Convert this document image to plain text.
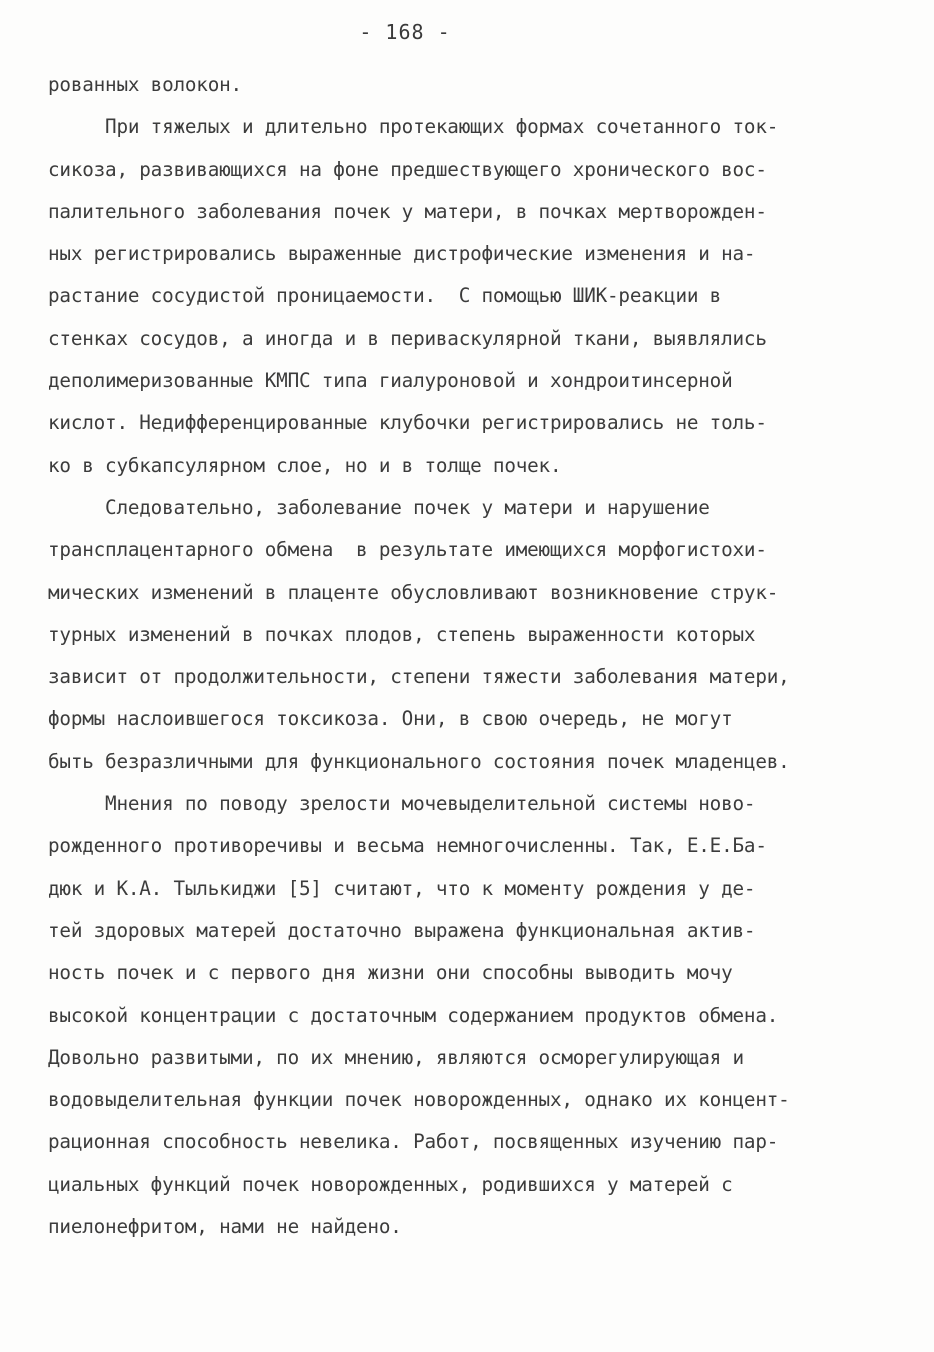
- 168 -
рованных волокон.
При тяжелых и длительно протекающих формах сочетанного ток-
сикоза, развивающихся на фоне предшествующего хронического вос-
палительного заболевания почек у матери, в почках мертворожден-
ных регистрировались выраженные дистрофические изменения и на-
растание сосудистой проницаемости.  С помощью ШИК-реакции в
стенках сосудов, а иногда и в периваскулярной ткани, выявлялись
деполимеризованные КМПС типа гиалуроновой и хондроитинсерной
кислот. Недифференцированные клубочки регистрировались не толь-
ко в субкапсулярном слое, но и в толще почек.
Следовательно, заболевание почек у матери и нарушение
трансплацентарного обмена  в результате имеющихся морфогистохи-
мических изменений в плаценте обусловливают возникновение струк-
турных изменений в почках плодов, степень выраженности которых
зависит от продолжительности, степени тяжести заболевания матери,
формы наслоившегося токсикоза. Они, в свою очередь, не могут
быть безразличными для функционального состояния почек младенцев.
Мнения по поводу зрелости мочевыделительной системы ново-
рожденного противоречивы и весьма немногочисленны. Так, Е.Е.Ба-
дюк и К.А. Тылькиджи [5] считают, что к моменту рождения у де-
тей здоровых матерей достаточно выражена функциональная актив-
ность почек и с первого дня жизни они способны выводить мочу
высокой концентрации с достаточным содержанием продуктов обмена.
Довольно развитыми, по их мнению, являются осморегулирующая и
водовыделительная функции почек новорожденных, однако их концент-
рационная способность невелика. Работ, посвященных изучению пар-
циальных функций почек новорожденных, родившихся у матерей с
пиелонефритом, нами не найдено.
